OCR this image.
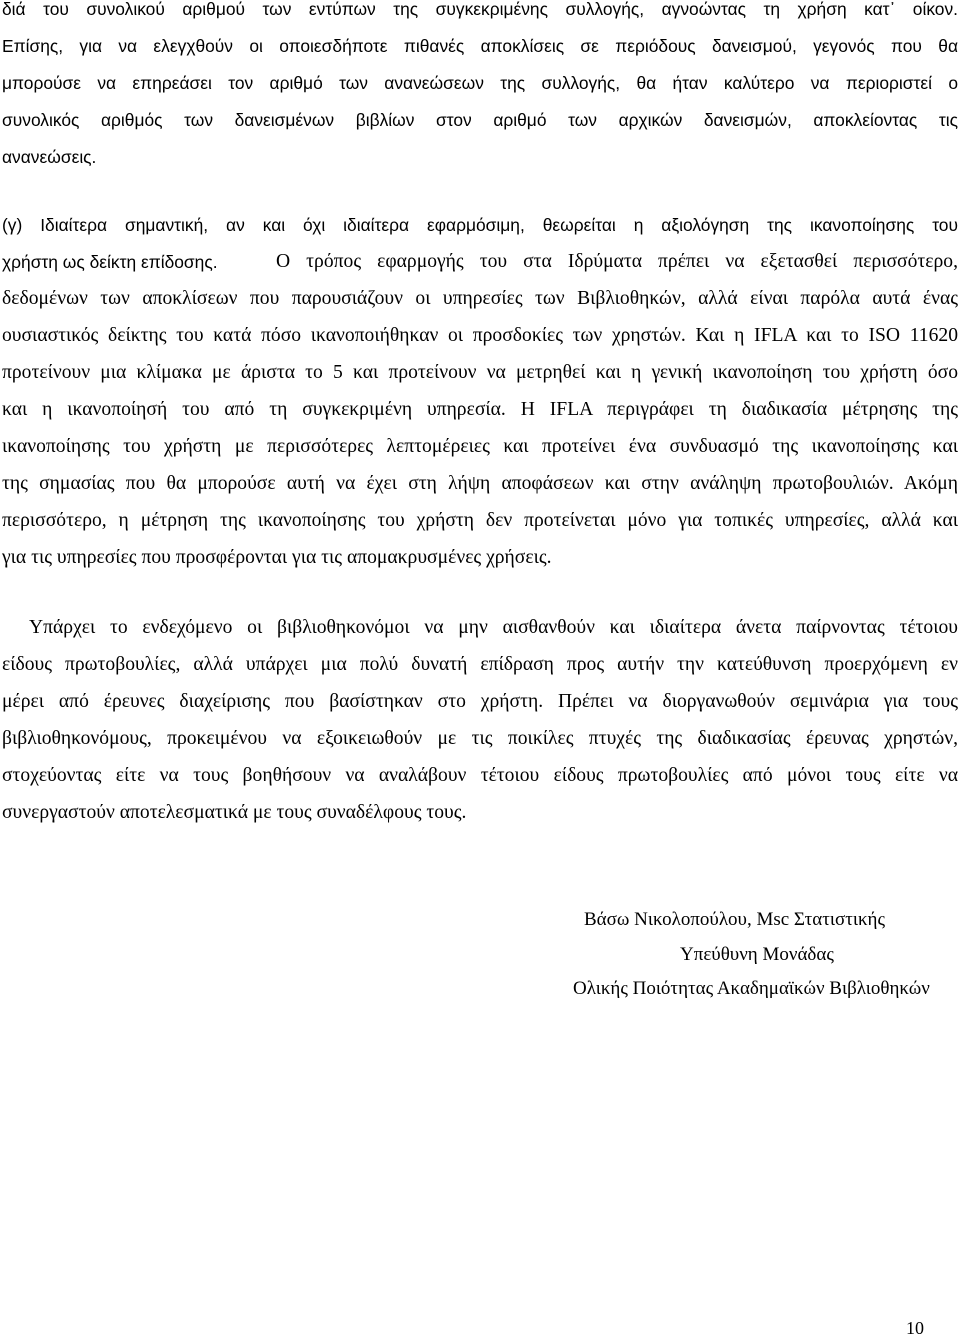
διά του συνολικού αριθμού των εντύπων της συγκεκριμένης συλλογής, αγνοώντας τη χρήση κατ᾽ οίκον.
Επίσης, για να ελεγχθούν οι οποιεσδήποτε πιθανές αποκλίσεις σε περιόδους δανεισμού, γεγονός που θα
μπορούσε να επηρεάσει τον αριθμό των ανανεώσεων της συλλογής, θα ήταν καλύτερο να περιοριστεί ο
συνολικός αριθμός των δανεισμένων βιβλίων στον αριθμό των αρχικών δανεισμών, αποκλείοντας τις
ανανεώσεις.
(γ) Ιδιαίτερα σημαντική, αν και όχι ιδιαίτερα εφαρμόσιμη, θεωρείται η αξιολόγηση της ικανοποίησης του
χρήστη ως δείκτη επίδοσης.	Ο τρόπος εφαρμογής του στα Ιδρύματα πρέπει να εξετασθεί περισσότερο,
δεδομένων των αποκλίσεων που παρουσιάζουν οι υπηρεσίες των Βιβλιοθηκών, αλλά είναι παρόλα αυτά ένας
ουσιαστικός δείκτης του κατά πόσο ικανοποιήθηκαν οι προσδοκίες των χρηστών. Και η IFLA και το ISO 11620
προτείνουν μια κλίμακα με άριστα το 5 και προτείνουν να μετρηθεί και η γενική ικανοποίηση του χρήστη όσο
και η ικανοποίησή του από τη συγκεκριμένη υπηρεσία. Η IFLA περιγράφει τη διαδικασία μέτρησης της
ικανοποίησης του χρήστη με περισσότερες λεπτομέρειες και προτείνει ένα συνδυασμό της ικανοποίησης και
της σημασίας που θα μπορούσε αυτή να έχει στη λήψη αποφάσεων και στην ανάληψη πρωτοβουλιών. Ακόμη
περισσότερο, η μέτρηση της ικανοποίησης του χρήστη δεν προτείνεται μόνο για τοπικές υπηρεσίες, αλλά και
για τις υπηρεσίες που προσφέρονται για τις απομακρυσμένες χρήσεις.
Υπάρχει το ενδεχόμενο οι βιβλιοθηκονόμοι να μην αισθανθούν και ιδιαίτερα άνετα παίρνοντας τέτοιου
είδους πρωτοβουλίες, αλλά υπάρχει μια πολύ δυνατή επίδραση προς αυτήν την κατεύθυνση προερχόμενη εν
μέρει από έρευνες διαχείρισης που βασίστηκαν στο χρήστη. Πρέπει να διοργανωθούν σεμινάρια για τους
βιβλιοθηκονόμους, προκειμένου να εξοικειωθούν με τις ποικίλες πτυχές της διαδικασίας έρευνας χρηστών,
στοχεύοντας είτε να τους βοηθήσουν να αναλάβουν τέτοιου είδους πρωτοβουλίες από μόνοι τους είτε να
συνεργαστούν αποτελεσματικά με τους συναδέλφους τους.
Βάσω Νικολοπούλου, Msc Στατιστικής
Υπεύθυνη Μονάδας
Ολικής Ποιότητας Ακαδημαϊκών Βιβλιοθηκών
10
